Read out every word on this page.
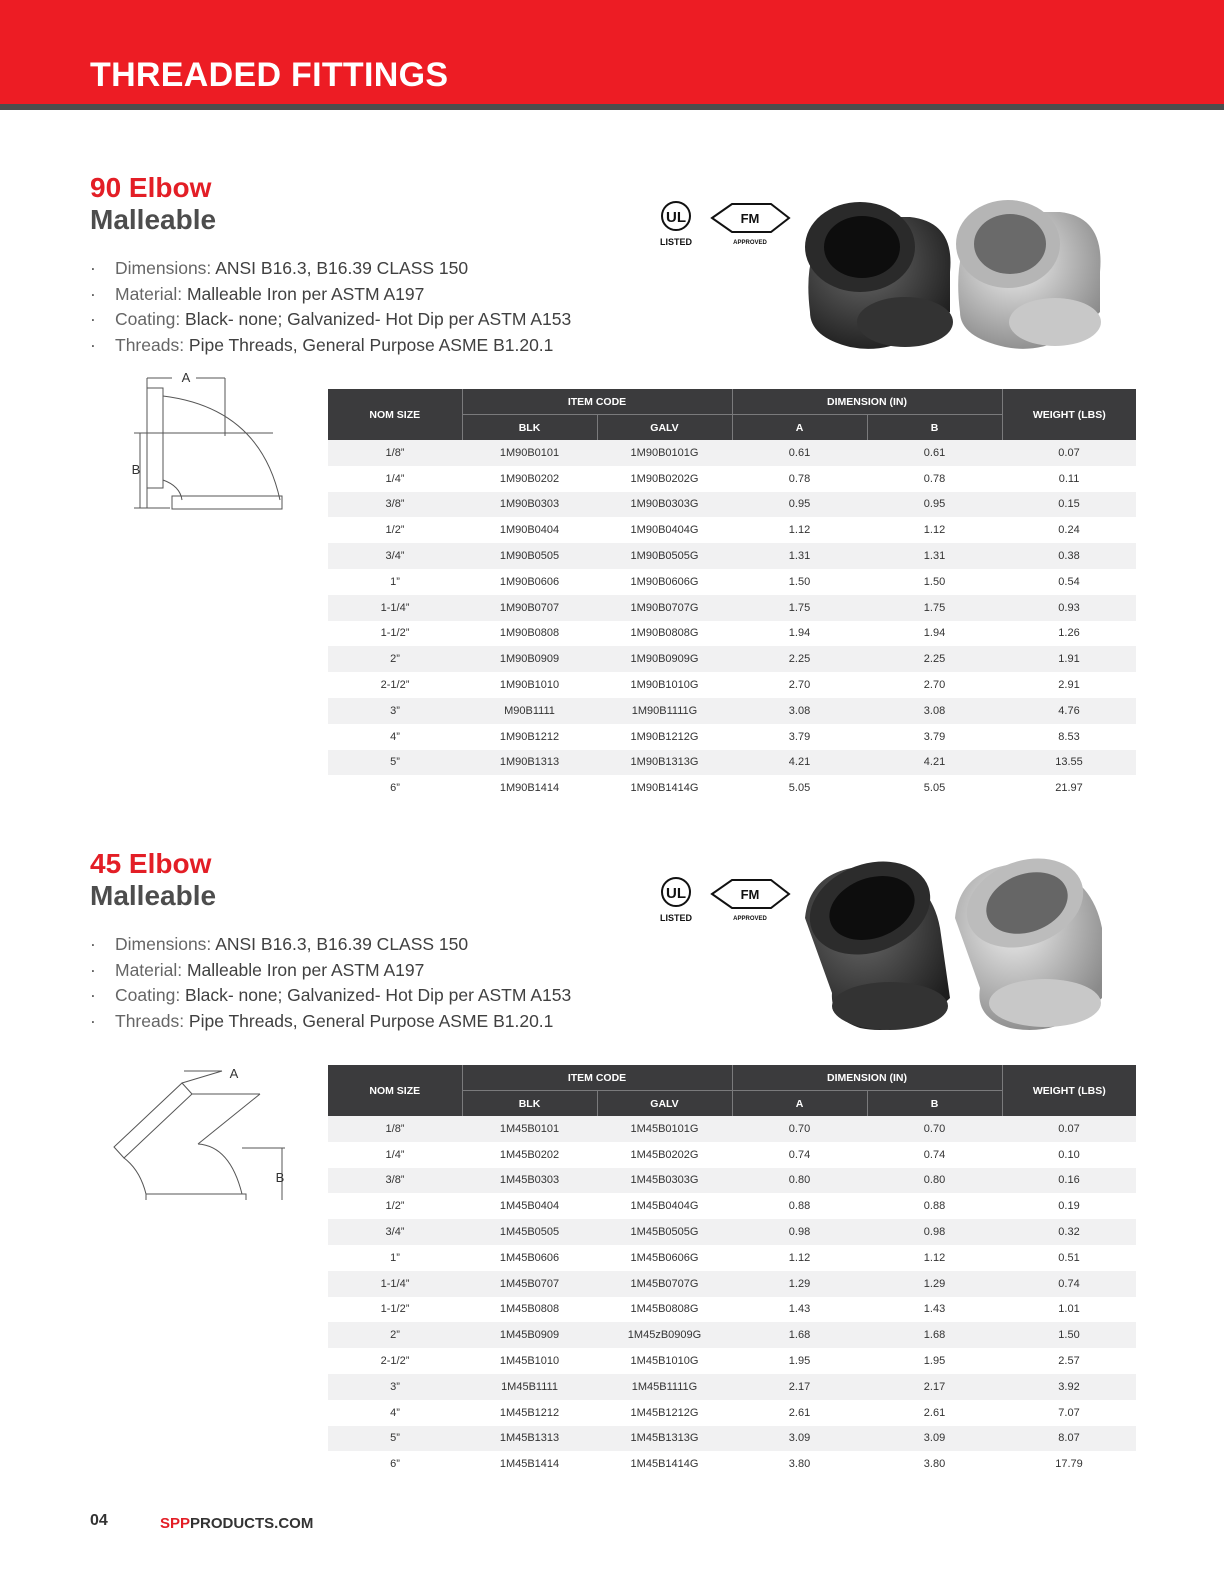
THREADED FITTINGS
90 Elbow
Malleable
· Dimensions: ANSI B16.3, B16.39 CLASS 150
· Material: Malleable Iron per ASTM A197
· Coating: Black- none; Galvanized- Hot Dip per ASTM A153
· Threads: Pipe Threads, General Purpose ASME B1.20.1
UL
LISTED
FM
APPROVED
A
B
NOM SIZE	ITEM CODE		DIMENSION (IN)		WEIGHT (LBS)
	BLK	GALV	A	B	
1/8”	1M90B0101	1M90B0101G	0.61	0.61	0.07
1/4”	1M90B0202	1M90B0202G	0.78	0.78	0.11
3/8”	1M90B0303	1M90B0303G	0.95	0.95	0.15
1/2”	1M90B0404	1M90B0404G	1.12	1.12	0.24
3/4”	1M90B0505	1M90B0505G	1.31	1.31	0.38
1”	1M90B0606	1M90B0606G	1.50	1.50	0.54
1-1/4”	1M90B0707	1M90B0707G	1.75	1.75	0.93
1-1/2”	1M90B0808	1M90B0808G	1.94	1.94	1.26
2”	1M90B0909	1M90B0909G	2.25	2.25	1.91
2-1/2”	1M90B1010	1M90B1010G	2.70	2.70	2.91
3”	M90B1111	1M90B1111G	3.08	3.08	4.76
4”	1M90B1212	1M90B1212G	3.79	3.79	8.53
5”	1M90B1313	1M90B1313G	4.21	4.21	13.55
6”	1M90B1414	1M90B1414G	5.05	5.05	21.97
45 Elbow
Malleable
· Dimensions: ANSI B16.3, B16.39 CLASS 150
· Material: Malleable Iron per ASTM A197
· Coating: Black- none; Galvanized- Hot Dip per ASTM A153
· Threads: Pipe Threads, General Purpose ASME B1.20.1
UL
LISTED
FM
APPROVED
A
B
NOM SIZE	ITEM CODE		DIMENSION (IN)		WEIGHT (LBS)
	BLK	GALV	A	B	
1/8”	1M45B0101	1M45B0101G	0.70	0.70	0.07
1/4”	1M45B0202	1M45B0202G	0.74	0.74	0.10
3/8”	1M45B0303	1M45B0303G	0.80	0.80	0.16
1/2”	1M45B0404	1M45B0404G	0.88	0.88	0.19
3/4”	1M45B0505	1M45B0505G	0.98	0.98	0.32
1”	1M45B0606	1M45B0606G	1.12	1.12	0.51
1-1/4”	1M45B0707	1M45B0707G	1.29	1.29	0.74
1-1/2”	1M45B0808	1M45B0808G	1.43	1.43	1.01
2”	1M45B0909	1M45zB0909G	1.68	1.68	1.50
2-1/2”	1M45B1010	1M45B1010G	1.95	1.95	2.57
3”	1M45B1111	1M45B1111G	2.17	2.17	3.92
4”	1M45B1212	1M45B1212G	2.61	2.61	7.07
5”	1M45B1313	1M45B1313G	3.09	3.09	8.07
6”	1M45B1414	1M45B1414G	3.80	3.80	17.79
04	SPPPRODUCTS.COM
